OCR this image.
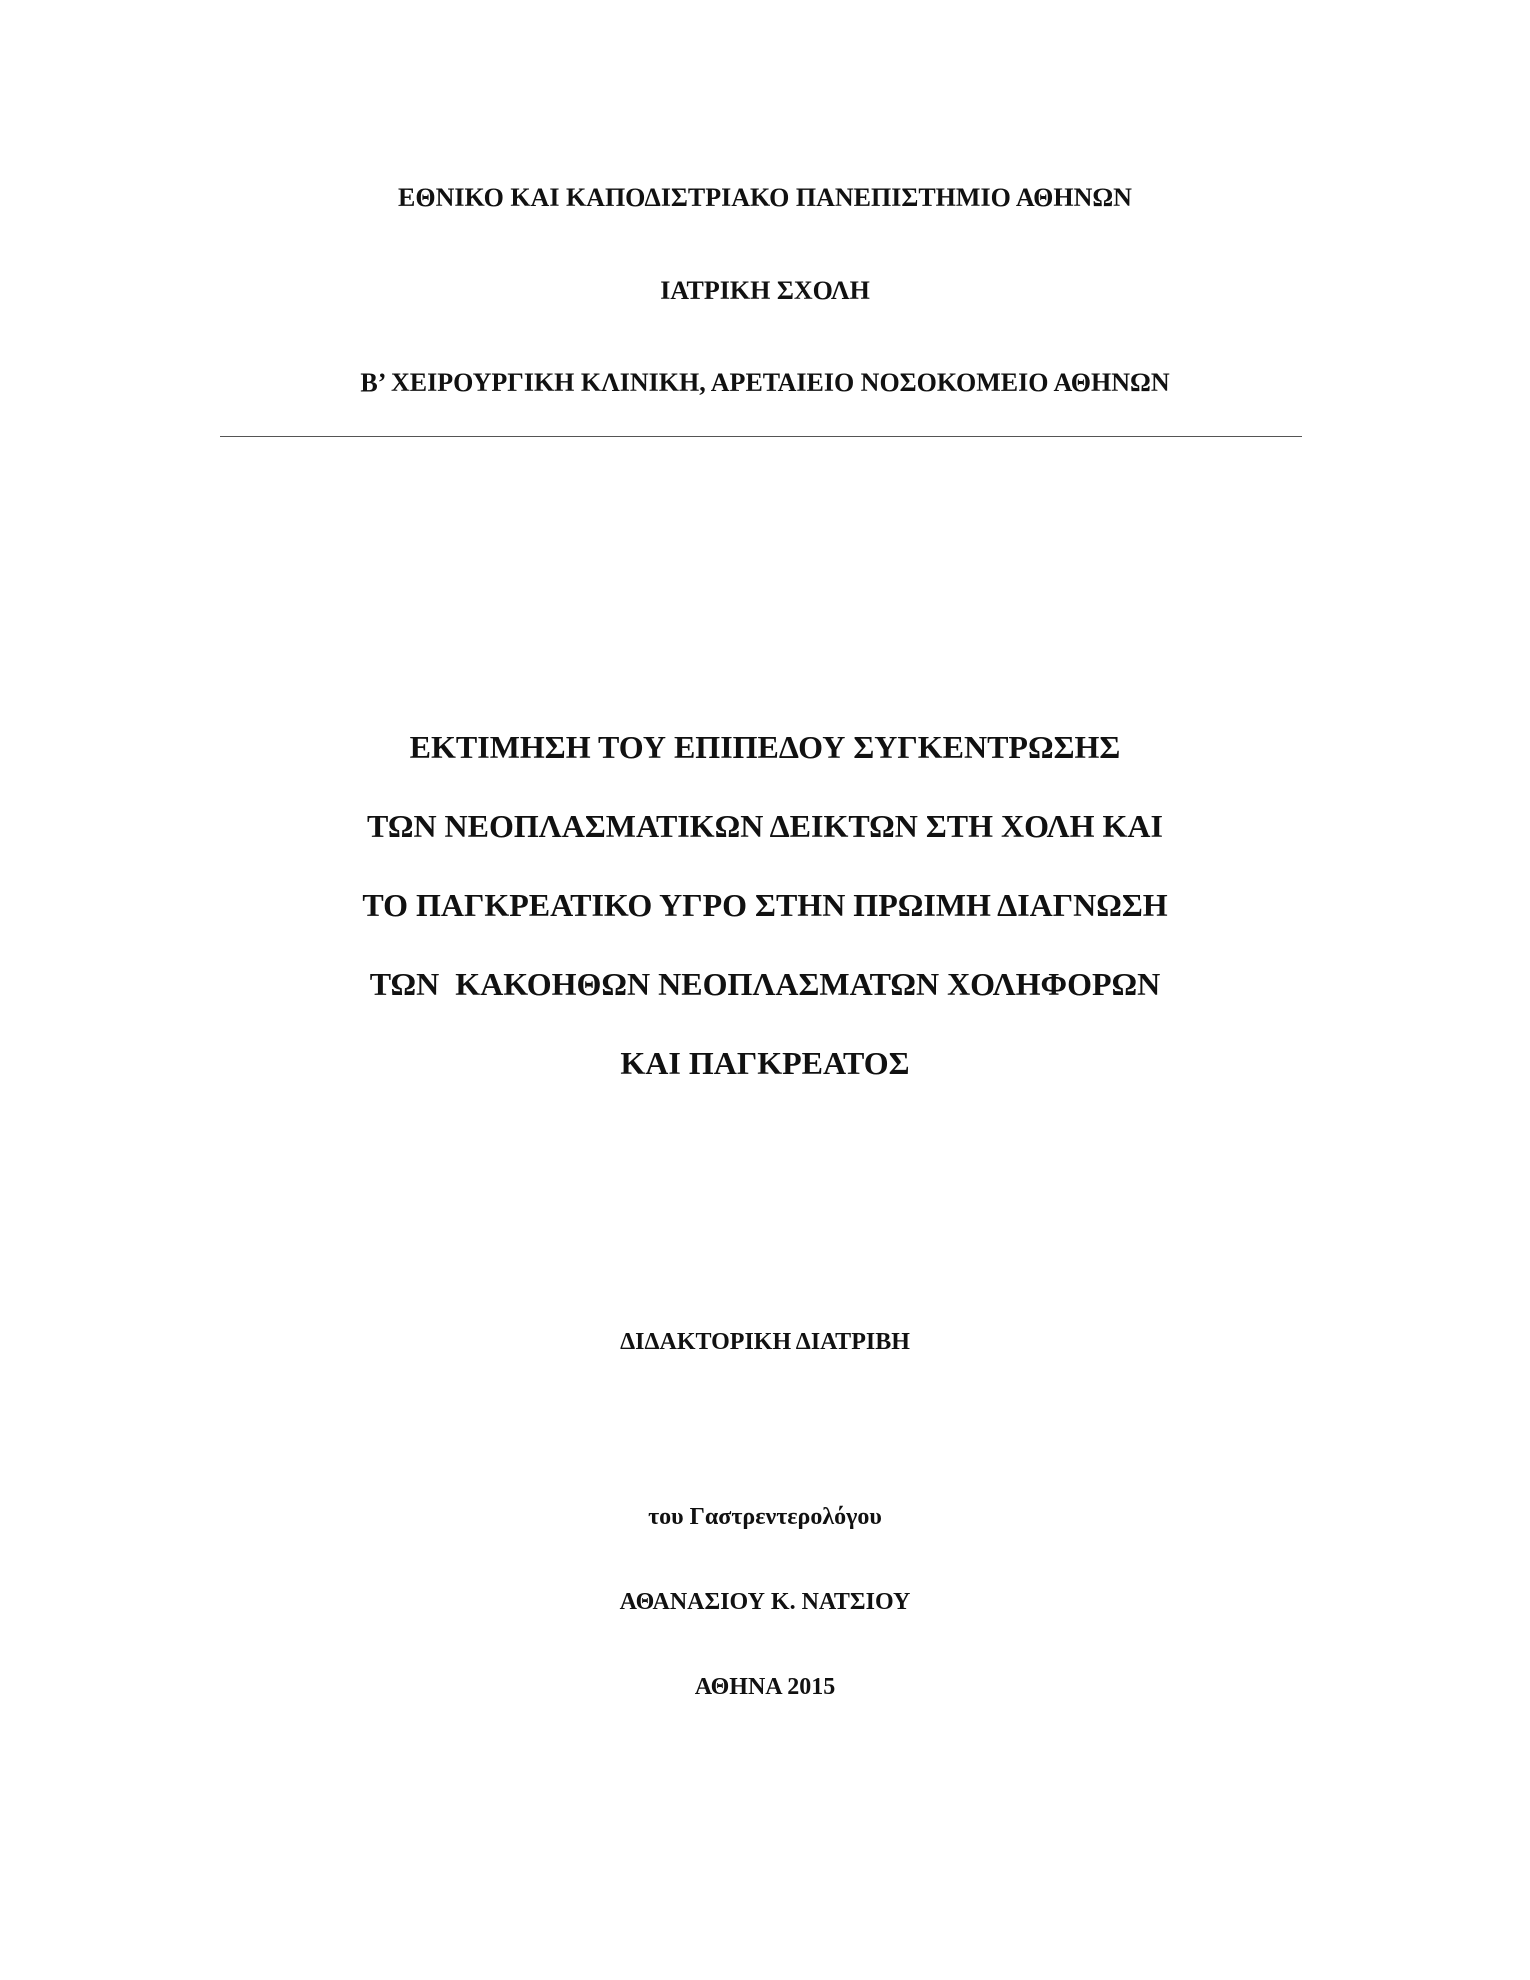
ΕΘΝΙΚΟ ΚΑΙ ΚΑΠΟΔΙΣΤΡΙΑΚΟ ΠΑΝΕΠΙΣΤΗΜΙΟ ΑΘΗΝΩΝ
ΙΑΤΡΙΚΗ ΣΧΟΛΗ
Β’ ΧΕΙΡΟΥΡΓΙΚΗ ΚΛΙΝΙΚΗ, ΑΡΕΤΑΙΕΙΟ ΝΟΣΟΚΟΜΕΙΟ ΑΘΗΝΩΝ
ΕΚΤΙΜΗΣΗ ΤΟΥ ΕΠΙΠΕΔΟΥ ΣΥΓΚΕΝΤΡΩΣΗΣ
ΤΩΝ ΝΕΟΠΛΑΣΜΑΤΙΚΩΝ ΔΕΙΚΤΩΝ ΣΤΗ ΧΟΛΗ ΚΑΙ
ΤΟ ΠΑΓΚΡΕΑΤΙΚΟ ΥΓΡΟ ΣΤΗΝ ΠΡΩΙΜΗ ΔΙΑΓΝΩΣΗ
ΤΩΝ  ΚΑΚΟΗΘΩΝ ΝΕΟΠΛΑΣΜΑΤΩΝ ΧΟΛΗΦΟΡΩΝ
ΚΑΙ ΠΑΓΚΡΕΑΤΟΣ
ΔΙΔΑΚΤΟΡΙΚΗ ΔΙΑΤΡΙΒΗ
του Γαστρεντερολόγου
ΑΘΑΝΑΣΙΟΥ Κ. ΝΑΤΣΙΟΥ
ΑΘΗΝΑ 2015
